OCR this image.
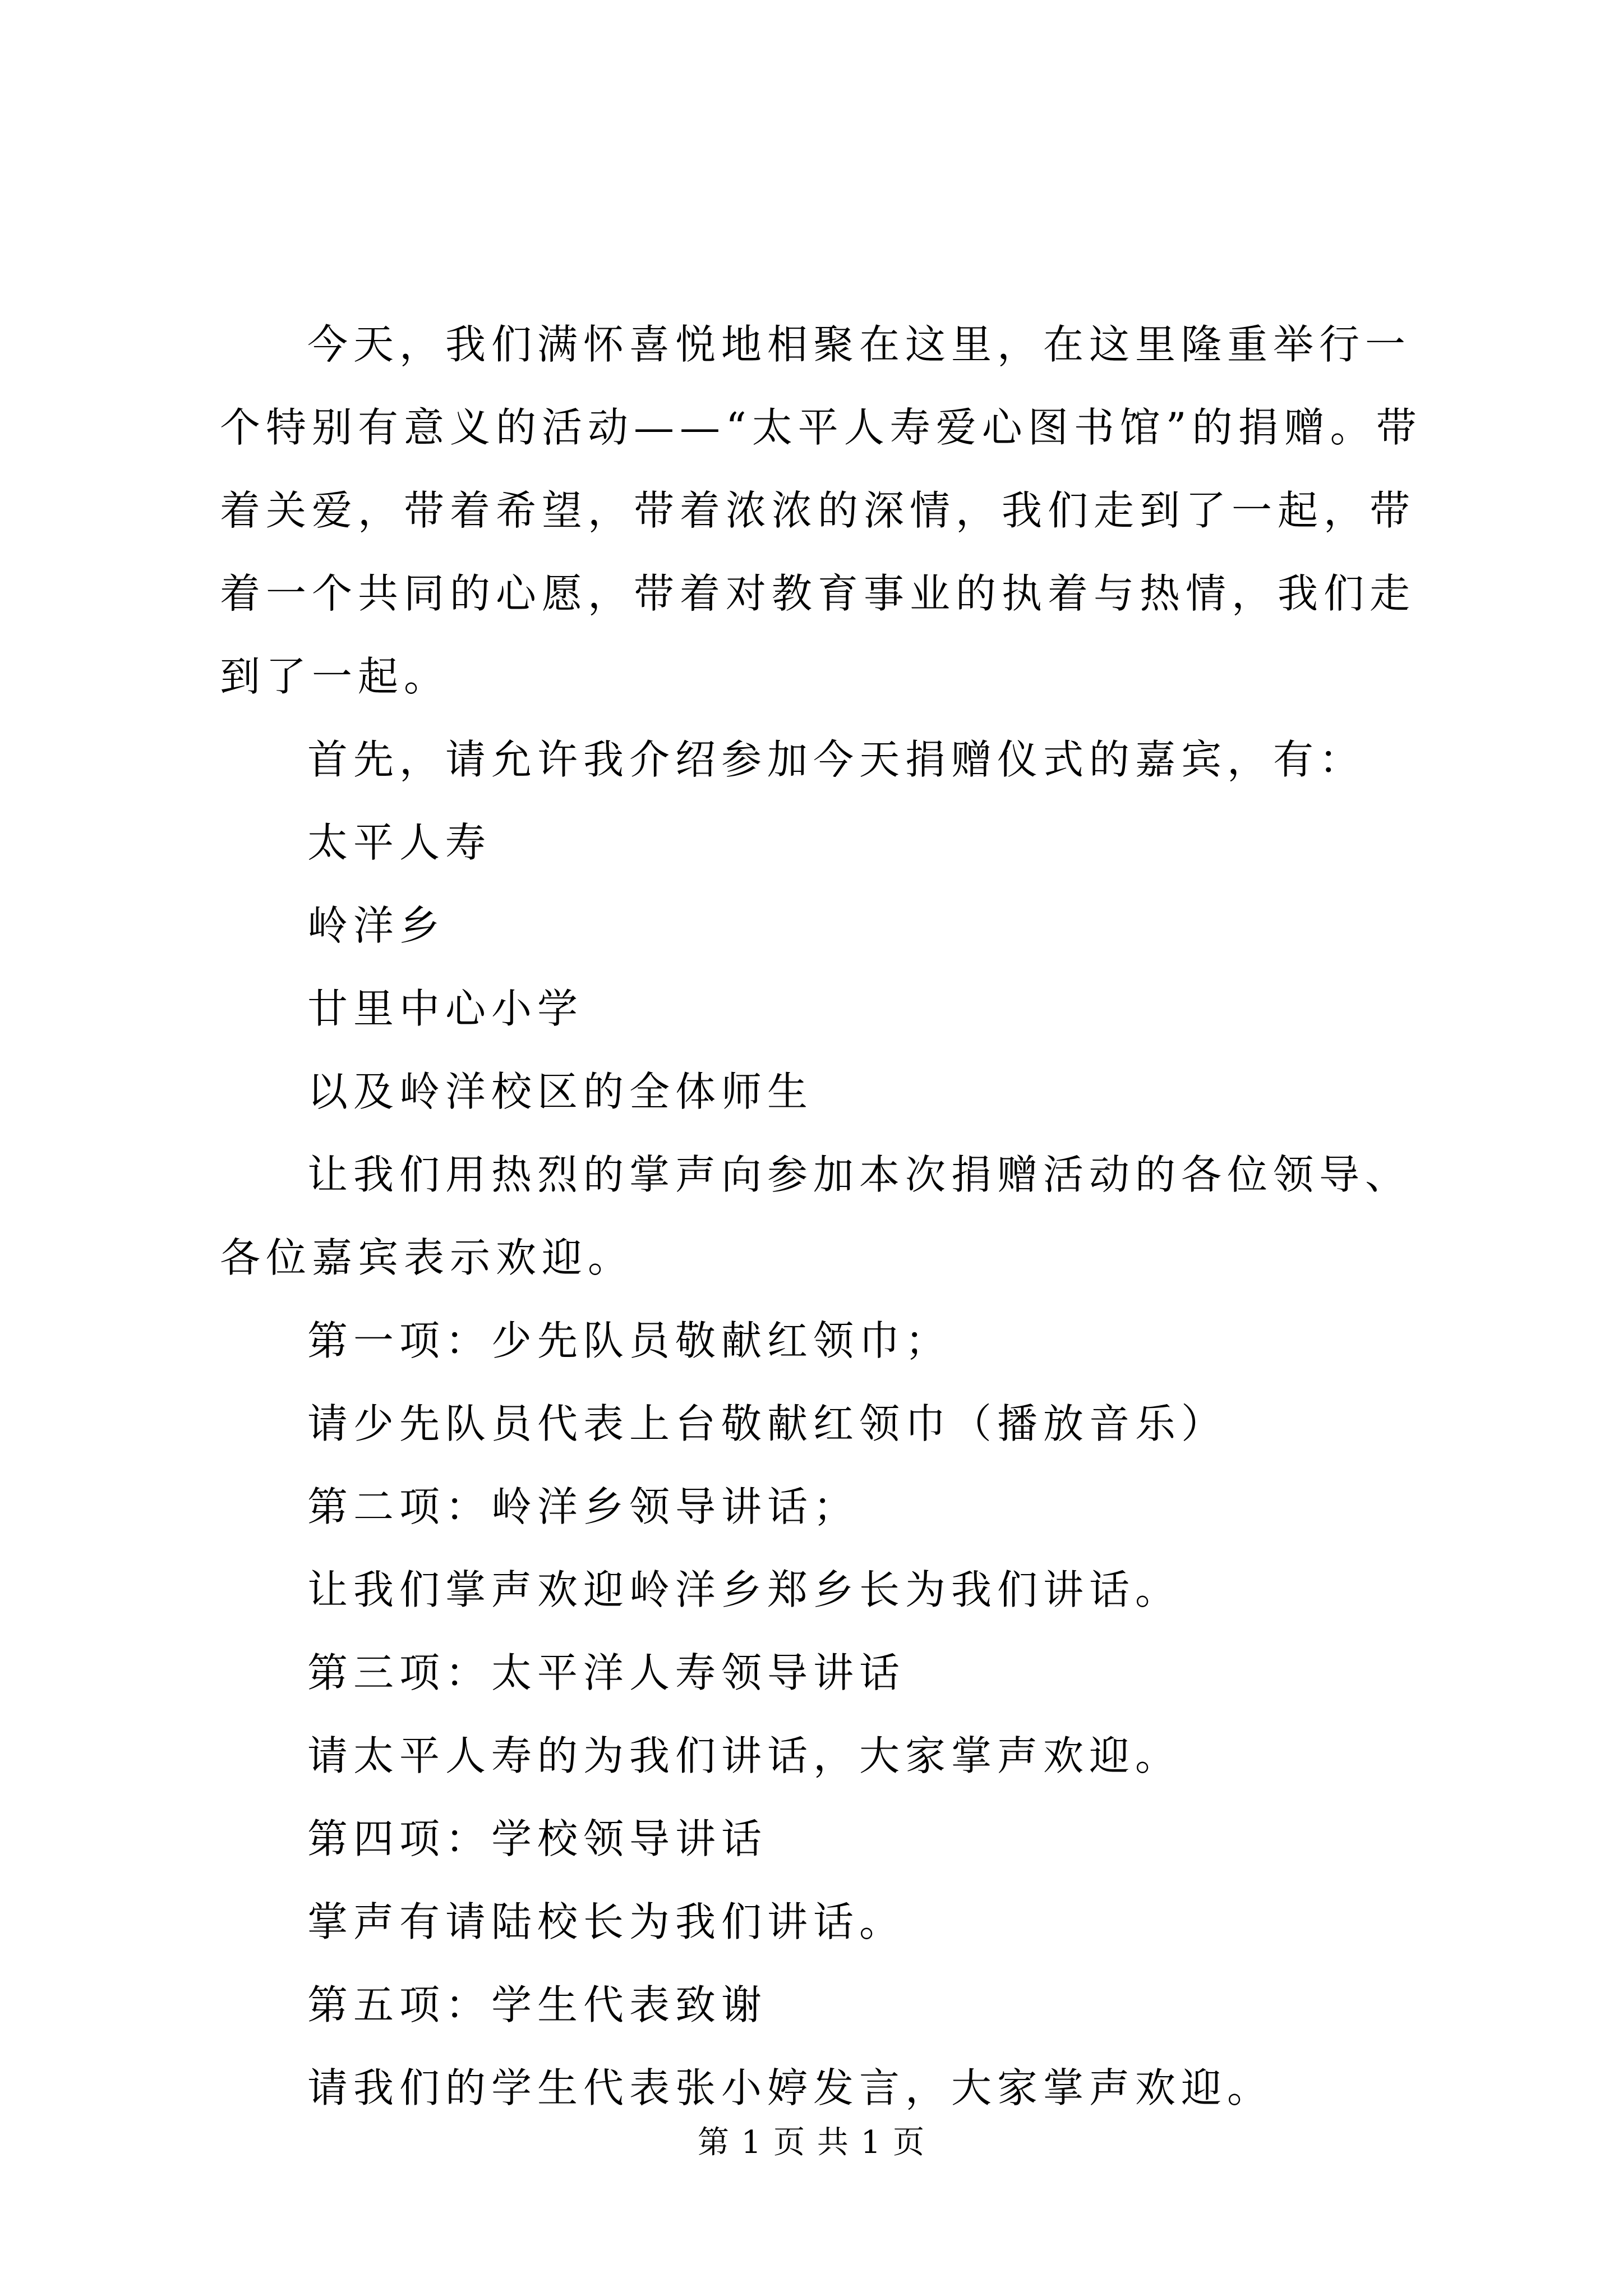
今天，我们满怀喜悦地相聚在这里，在这里隆重举行一个特别有意义的活动——“太平人寿爱心图书馆”的捐赠。带着关爱，带着希望，带着浓浓的深情，我们走到了一起，带着一个共同的心愿，带着对教育事业的执着与热情，我们走到了一起。

首先，请允许我介绍参加今天捐赠仪式的嘉宾，有：

太平人寿

岭洋乡

廿里中心小学

以及岭洋校区的全体师生

让我们用热烈的掌声向参加本次捐赠活动的各位领导、各位嘉宾表示欢迎。

第一项：少先队员敬献红领巾；

请少先队员代表上台敬献红领巾（播放音乐）

第二项：岭洋乡领导讲话；

让我们掌声欢迎岭洋乡郑乡长为我们讲话。

第三项：太平洋人寿领导讲话

请太平人寿的为我们讲话，大家掌声欢迎。

第四项：学校领导讲话

掌声有请陆校长为我们讲话。

第五项：学生代表致谢

请我们的学生代表张小婷发言，大家掌声欢迎。

第 1 页 共 1 页
